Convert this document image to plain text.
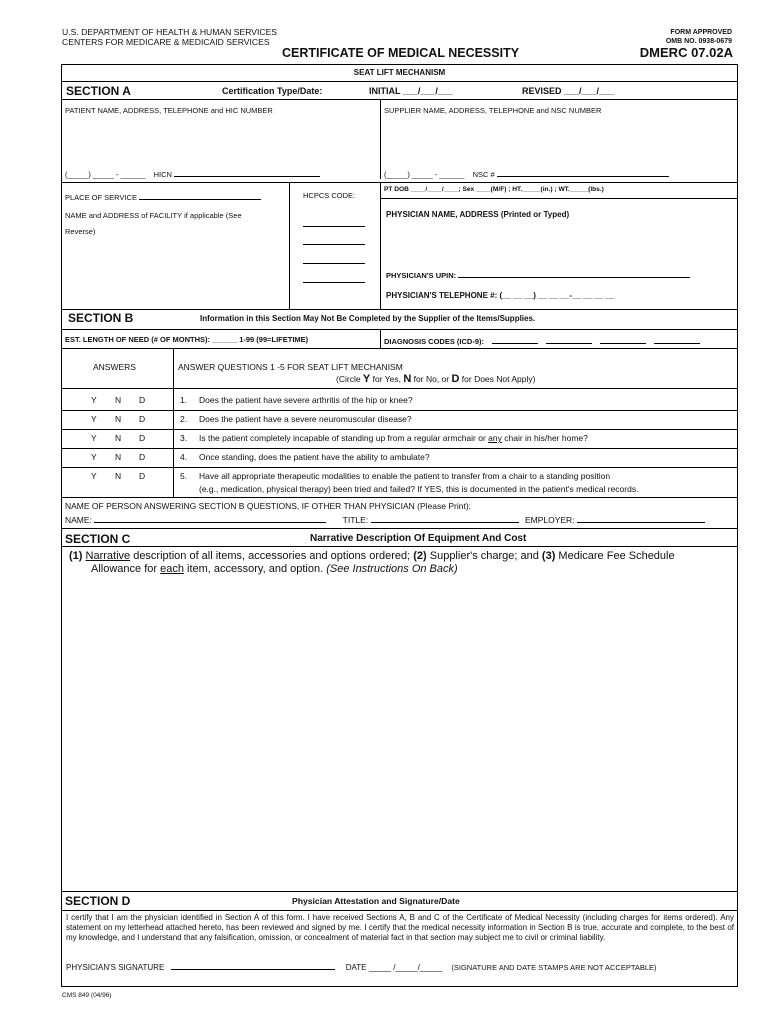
U.S. DEPARTMENT OF HEALTH & HUMAN SERVICES
CENTERS FOR MEDICARE & MEDICAID SERVICES
FORM APPROVED
OMB NO. 0938-0679
CERTIFICATE OF MEDICAL NECESSITY	DMERC 07.02A
SEAT LIFT MECHANISM
SECTION A	Certification Type/Date:	INITIAL ___/___/___	REVISED ___/___/___
PATIENT NAME, ADDRESS, TELEPHONE and HIC NUMBER	SUPPLIER NAME, ADDRESS, TELEPHONE and NSC NUMBER
(_____) _____ - ______ HICN	(_____) _____ - ______ NSC #
PLACE OF SERVICE	HCPCS CODE:
PT DOB ____/____/____; Sex ____(M/F) ; HT._____(in.) ; WT._____(lbs.)
NAME and ADDRESS of FACILITY if applicable (See
Reverse)
PHYSICIAN NAME, ADDRESS (Printed or Typed)
PHYSICIAN'S UPIN:
PHYSICIAN'S TELEPHONE #: (__ __ __) __ __ __-__ __ __ __
SECTION B	Information in this Section May Not Be Completed by the Supplier of the Items/Supplies.
EST. LENGTH OF NEED (# OF MONTHS): ______ 1-99 (99=LIFETIME)	DIAGNOSIS CODES (ICD-9):
ANSWERS	ANSWER QUESTIONS 1 -5 FOR SEAT LIFT MECHANISM
(Circle Y for Yes, N for No, or D for Does Not Apply)
Y N D	1. Does the patient have severe arthritis of the hip or knee?
Y N D	2. Does the patient have a severe neuromuscular disease?
Y N D	3. Is the patient completely incapable of standing up from a regular armchair or any chair in his/her home?
Y N D	4. Once standing, does the patient have the ability to ambulate?
Y N D	5. Have all appropriate therapeutic modalities to enable the patient to transfer from a chair to a standing position
(e.g., medication, physical therapy) been tried and failed? If YES, this is documented in the patient's medical records.
NAME OF PERSON ANSWERING SECTION B QUESTIONS, IF OTHER THAN PHYSICIAN (Please Print):
NAME:	TITLE:	EMPLOYER:
SECTION C	Narrative Description Of Equipment And Cost
(1) Narrative description of all items, accessories and options ordered; (2) Supplier's charge; and (3) Medicare Fee Schedule
Allowance for each item, accessory, and option. (See Instructions On Back)
SECTION D	Physician Attestation and Signature/Date
I certify that I am the physician identified in Section A of this form. I have received Sections A, B and C of the Certificate of Medical Necessity (including charges for items ordered). Any statement on my letterhead attached hereto, has been reviewed and signed by me. I certify that the medical necessity information in Section B is true, accurate and complete, to the best of my knowledge, and I understand that any falsification, omission, or concealment of material fact in that section may subject me to civil or criminal liability.
PHYSICIAN'S SIGNATURE	DATE _____ /_____/_____ (SIGNATURE AND DATE STAMPS ARE NOT ACCEPTABLE)
CMS 849 (04/96)
